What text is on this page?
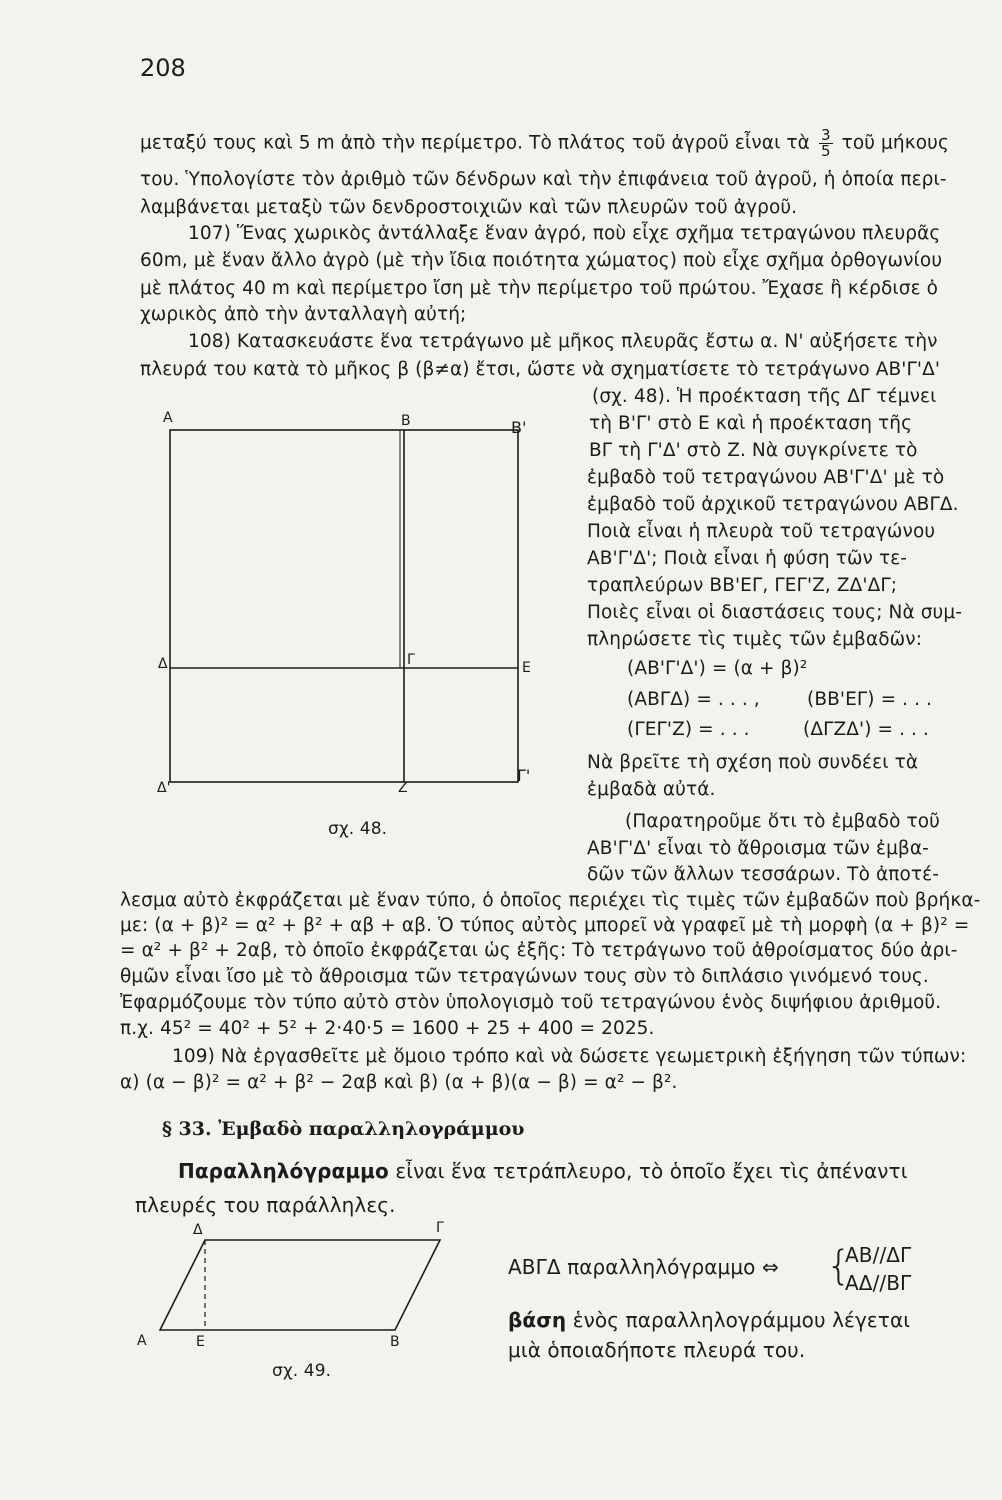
208
μεταξύ τους καὶ 5 m ἀπὸ τὴν περίμετρο. Τὸ πλάτος τοῦ ἀγροῦ εἶναι τὰ $\frac{3}{5}$ τοῦ μήκους
του. Ὑπολογίστε τὸν ἀριθμὸ τῶν δένδρων καὶ τὴν ἐπιφάνεια τοῦ ἀγροῦ, ἡ ὁποία περι-
λαμβάνεται μεταξὺ τῶν δενδροστοιχιῶν καὶ τῶν πλευρῶν τοῦ ἀγροῦ.
107) Ἕνας χωρικὸς ἀντάλλαξε ἕναν ἀγρό, ποὺ εἶχε σχῆμα τετραγώνου πλευρᾶς
60m, μὲ ἕναν ἄλλο ἀγρὸ (μὲ τὴν ἴδια ποιότητα χώματος) ποὺ εἶχε σχῆμα ὀρθογωνίου
μὲ πλάτος 40 m καὶ περίμετρο ἴση μὲ τὴν περίμετρο τοῦ πρώτου. Ἔχασε ἢ κέρδισε ὁ
χωρικὸς ἀπὸ τὴν ἀνταλλαγὴ αὐτή;
108) Κατασκευάστε ἕνα τετράγωνο μὲ μῆκος πλευρᾶς ἔστω α. Ν' αὐξήσετε τὴν
πλευρά του κατὰ τὸ μῆκος β (β≠α) ἔτσι, ὥστε νὰ σχηματίσετε τὸ τετράγωνο ΑΒ'Γ'Δ'
(σχ. 48). Ἡ προέκταση τῆς ΔΓ τέμνει
τὴ Β'Γ' στὸ Ε καὶ ἡ προέκταση τῆς
ΒΓ τὴ Γ'Δ' στὸ Ζ. Νὰ συγκρίνετε τὸ
ἐμβαδὸ τοῦ τετραγώνου ΑΒ'Γ'Δ' μὲ τὸ
ἐμβαδὸ τοῦ ἀρχικοῦ τετραγώνου ΑΒΓΔ.
Ποιὰ εἶναι ἡ πλευρὰ τοῦ τετραγώνου
ΑΒ'Γ'Δ'; Ποιὰ εἶναι ἡ φύση τῶν τε-
τραπλεύρων ΒΒ'ΕΓ, ΓΕΓ'Ζ, ΖΔ'ΔΓ;
Ποιὲς εἶναι οἱ διαστάσεις τους; Νὰ συμ-
πληρώσετε τὶς τιμὲς τῶν ἐμβαδῶν:
(ΑΒ'Γ'Δ') = (α + β)²
(ΑΒΓΔ) = . . . ,	(ΒΒ'ΕΓ) = . . .
(ΓΕΓ'Ζ) = . . .	(ΔΓΖΔ') = . . .
Νὰ βρεῖτε τὴ σχέση ποὺ συνδέει τὰ
ἐμβαδὰ αὐτά.
(Παρατηροῦμε ὅτι τὸ ἐμβαδὸ τοῦ
ΑΒ'Γ'Δ' εἶναι τὸ ἄθροισμα τῶν ἐμβα-
δῶν τῶν ἄλλων τεσσάρων. Τὸ ἀποτέ-
λεσμα αὐτὸ ἐκφράζεται μὲ ἕναν τύπο, ὁ ὁποῖος περιέχει τὶς τιμὲς τῶν ἐμβαδῶν ποὺ βρήκα-
με: (α + β)² = α² + β² + αβ + αβ. Ὁ τύπος αὐτὸς μπορεῖ νὰ γραφεῖ μὲ τὴ μορφὴ (α + β)² =
= α² + β² + 2αβ, τὸ ὁποῖο ἐκφράζεται ὡς ἐξῆς: Τὸ τετράγωνο τοῦ ἀθροίσματος δύο ἀρι-
θμῶν εἶναι ἴσο μὲ τὸ ἄθροισμα τῶν τετραγώνων τους σὺν τὸ διπλάσιο γινόμενό τους.
Ἐφαρμόζουμε τὸν τύπο αὐτὸ στὸν ὑπολογισμὸ τοῦ τετραγώνου ἑνὸς διψήφιου ἀριθμοῦ.
π.χ. 45² = 40² + 5² + 2·40·5 = 1600 + 25 + 400 = 2025.
109) Νὰ ἐργασθεῖτε μὲ ὅμοιο τρόπο καὶ νὰ δώσετε γεωμετρικὴ ἐξήγηση τῶν τύπων:
α) (α − β)² = α² + β² − 2αβ καὶ β) (α + β)(α − β) = α² − β².
§ 33. Ἐμβαδὸ παραλληλογράμμου
Παραλληλόγραμμο εἶναι ἕνα τετράπλευρο, τὸ ὁποῖο ἔχει τὶς ἀπέναντι
πλευρές του παράλληλες.
ΑΒΓΔ παραλληλόγραμμο ⇔ {
ΑΒ//ΔΓ
ΑΔ//ΒΓ
βάση ἑνὸς παραλληλογράμμου λέγεται
μιὰ ὁποιαδήποτε πλευρά του.
Α	Β	Β'
Δ	Γ	Ε
Δ'	Ζ
Γ'
σχ. 48.
Α	Ε	Β
Δ	Γ
σχ. 49.
